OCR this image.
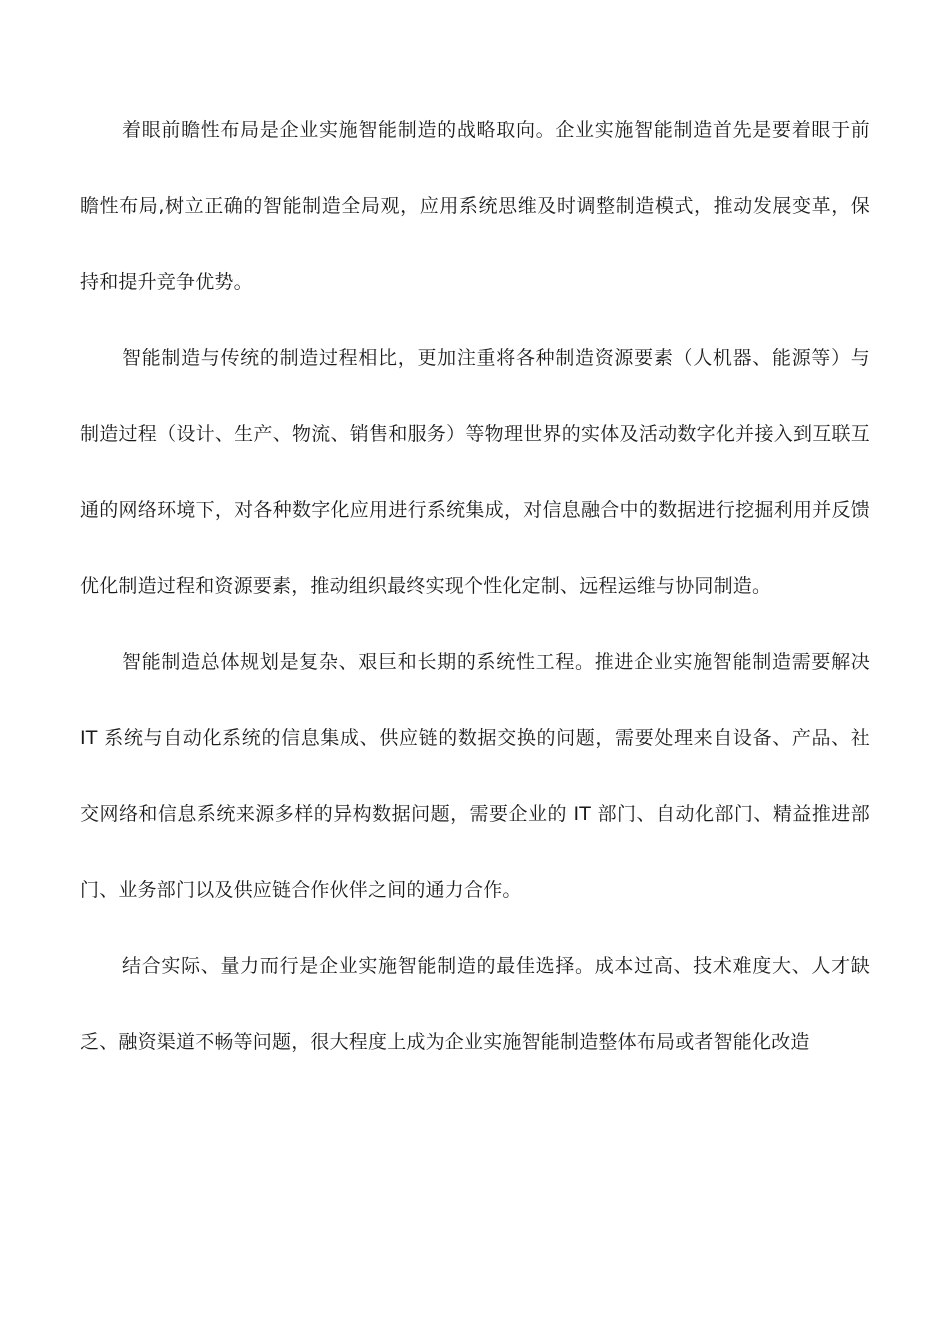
着眼前瞻性布局是企业实施智能制造的战略取向。企业实施智能制造首先是要着眼于前瞻性布局,树立正确的智能制造全局观，应用系统思维及时调整制造模式，推动发展变革，保持和提升竞争优势。

智能制造与传统的制造过程相比，更加注重将各种制造资源要素（人机器、能源等）与制造过程（设计、生产、物流、销售和服务）等物理世界的实体及活动数字化并接入到互联互通的网络环境下，对各种数字化应用进行系统集成，对信息融合中的数据进行挖掘利用并反馈优化制造过程和资源要素，推动组织最终实现个性化定制、远程运维与协同制造。

智能制造总体规划是复杂、艰巨和长期的系统性工程。推进企业实施智能制造需要解决 IT 系统与自动化系统的信息集成、供应链的数据交换的问题，需要处理来自设备、产品、社交网络和信息系统来源多样的异构数据问题，需要企业的 IT 部门、自动化部门、精益推进部门、业务部门以及供应链合作伙伴之间的通力合作。

结合实际、量力而行是企业实施智能制造的最佳选择。成本过高、技术难度大、人才缺乏、融资渠道不畅等问题，很大程度上成为企业实施智能制造整体布局或者智能化改造
